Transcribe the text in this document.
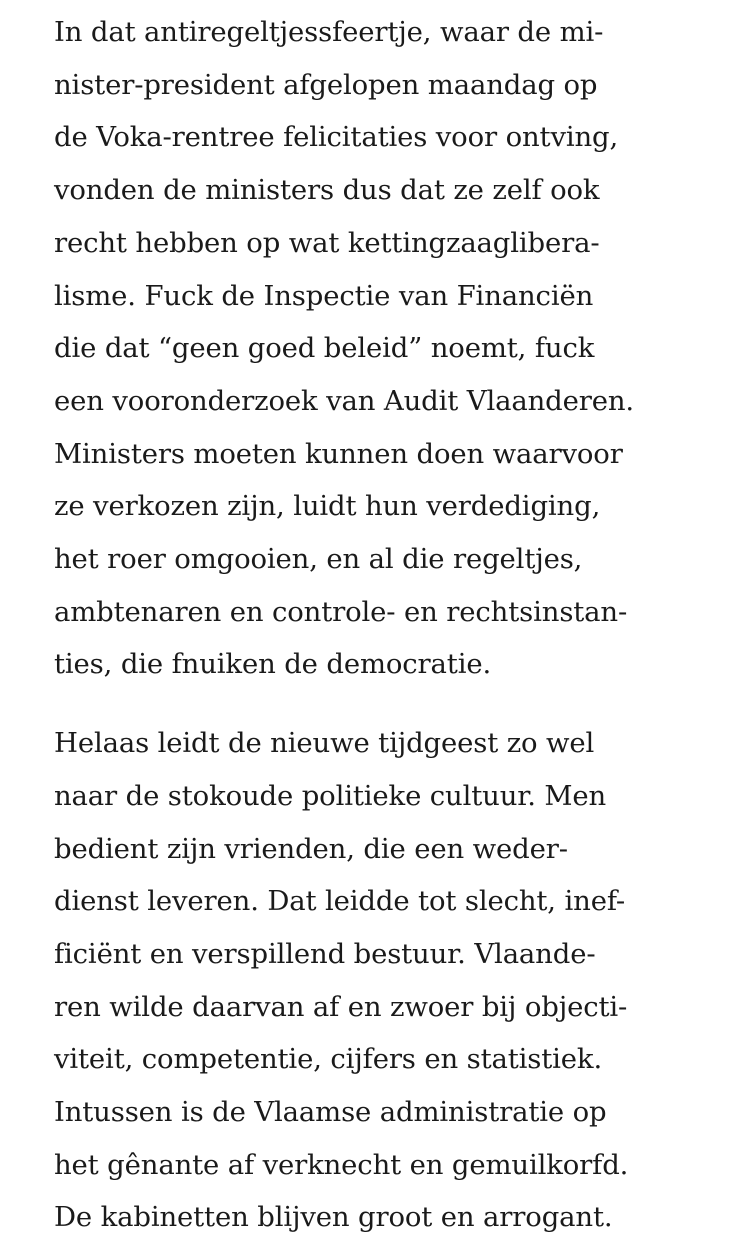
In dat antiregeltjessfeertje, waar de mi-
nister-president afgelopen maandag op
de Voka-rentree felicitaties voor ontving,
vonden de ministers dus dat ze zelf ook
recht hebben op wat kettingzaaglibera-
lisme. Fuck de Inspectie van Financiën
die dat “geen goed beleid” noemt, fuck
een vooronderzoek van Audit Vlaanderen.
Ministers moeten kunnen doen waarvoor
ze verkozen zijn, luidt hun verdediging,
het roer omgooien, en al die regeltjes,
ambtenaren en controle- en rechtsinstan-
ties, die fnuiken de democratie.

Helaas leidt de nieuwe tijdgeest zo wel
naar de stokoude politieke cultuur. Men
bedient zijn vrienden, die een weder-
dienst leveren. Dat leidde tot slecht, inef-
ficiënt en verspillend bestuur. Vlaande-
ren wilde daarvan af en zwoer bij objecti-
viteit, competentie, cijfers en statistiek.
Intussen is de Vlaamse administratie op
het gênante af verknecht en gemuilkorfd.
De kabinetten blijven groot en arrogant.
